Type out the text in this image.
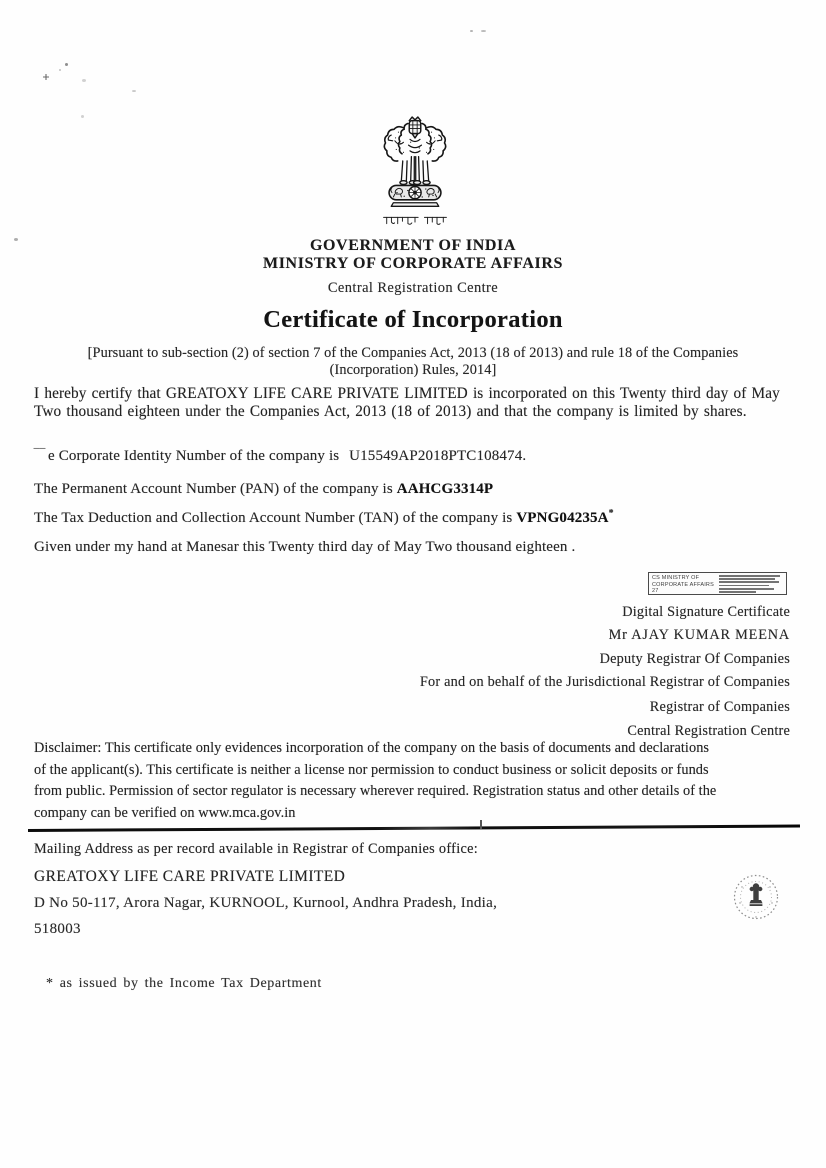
GOVERNMENT OF INDIA
MINISTRY OF CORPORATE AFFAIRS
Central Registration Centre
Certificate of Incorporation
[Pursuant to sub-section (2) of section 7 of the Companies Act, 2013 (18 of 2013) and rule 18 of the Companies
(Incorporation) Rules, 2014]
I hereby certify that GREATOXY LIFE CARE PRIVATE LIMITED is incorporated on this Twenty third day of May
Two thousand eighteen under the Companies Act, 2013 (18 of 2013) and that the company is limited by shares.
‾‾ e Corporate Identity Number of the company is U15549AP2018PTC108474.
The Permanent Account Number (PAN) of the company is AAHCG3314P
The Tax Deduction and Collection Account Number (TAN) of the company is VPNG04235A*
Given under my hand at Manesar this Twenty third day of May Two thousand eighteen .
CS MINISTRY OF
CORPORATE AFFAIRS 27
Digital Signature Certificate
Mr AJAY KUMAR MEENA
Deputy Registrar Of Companies
For and on behalf of the Jurisdictional Registrar of Companies
Registrar of Companies
Central Registration Centre
Disclaimer: This certificate only evidences incorporation of the company on the basis of documents and declarations
of the applicant(s). This certificate is neither a license nor permission to conduct business or solicit deposits or funds
from public. Permission of sector regulator is necessary wherever required. Registration status and other details of the
company can be verified on www.mca.gov.in
Mailing Address as per record available in Registrar of Companies office:
GREATOXY LIFE CARE PRIVATE LIMITED
D No 50-117, Arora Nagar, KURNOOL, Kurnool, Andhra Pradesh, India,
518003
* as issued by the Income Tax Department
